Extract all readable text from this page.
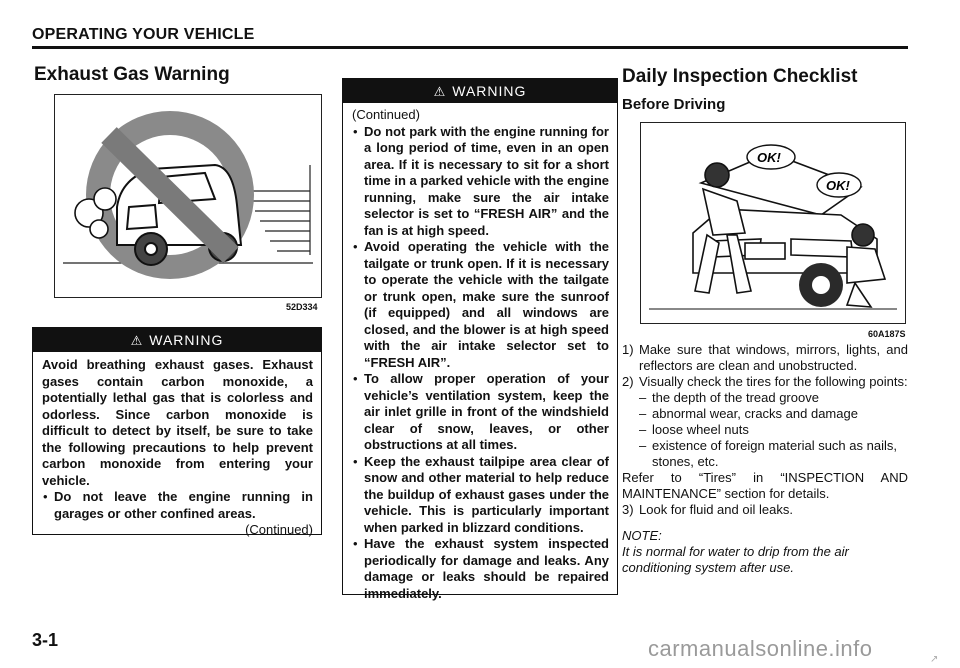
OPERATING YOUR VEHICLE
Exhaust Gas Warning
52D334
⚠ WARNING
Avoid breathing exhaust gases. Exhaust gases contain carbon monoxide, a potentially lethal gas that is colorless and odorless. Since carbon monoxide is difficult to detect by itself, be sure to take the following precautions to help prevent carbon monoxide from entering your vehicle.
• Do not leave the engine running in garages or other confined areas.
(Continued)
⚠ WARNING
(Continued)
• Do not park with the engine running for a long period of time, even in an open area. If it is necessary to sit for a short time in a parked vehicle with the engine running, make sure the air intake selector is set to “FRESH AIR” and the fan is at high speed.
• Avoid operating the vehicle with the tailgate or trunk open. If it is necessary to operate the vehicle with the tailgate or trunk open, make sure the sunroof (if equipped) and all windows are closed, and the blower is at high speed with the air intake selector set to “FRESH AIR”.
• To allow proper operation of your vehicle’s ventilation system, keep the air inlet grille in front of the windshield clear of snow, leaves, or other obstructions at all times.
• Keep the exhaust tailpipe area clear of snow and other material to help reduce the buildup of exhaust gases under the vehicle. This is particularly important when parked in blizzard conditions.
• Have the exhaust system inspected periodically for damage and leaks. Any damage or leaks should be repaired immediately.
Daily Inspection Checklist
Before Driving
OK!
OK!
60A187S
1) Make sure that windows, mirrors, lights, and reflectors are clean and unobstructed.
2) Visually check the tires for the following points:
– the depth of the tread groove
– abnormal wear, cracks and damage
– loose wheel nuts
– existence of foreign material such as nails, stones, etc.
Refer to “Tires” in “INSPECTION AND MAINTENANCE” section for details.
3) Look for fluid and oil leaks.
NOTE:
It is normal for water to drip from the air conditioning system after use.
3-1	carmanualsonline.info	↗
